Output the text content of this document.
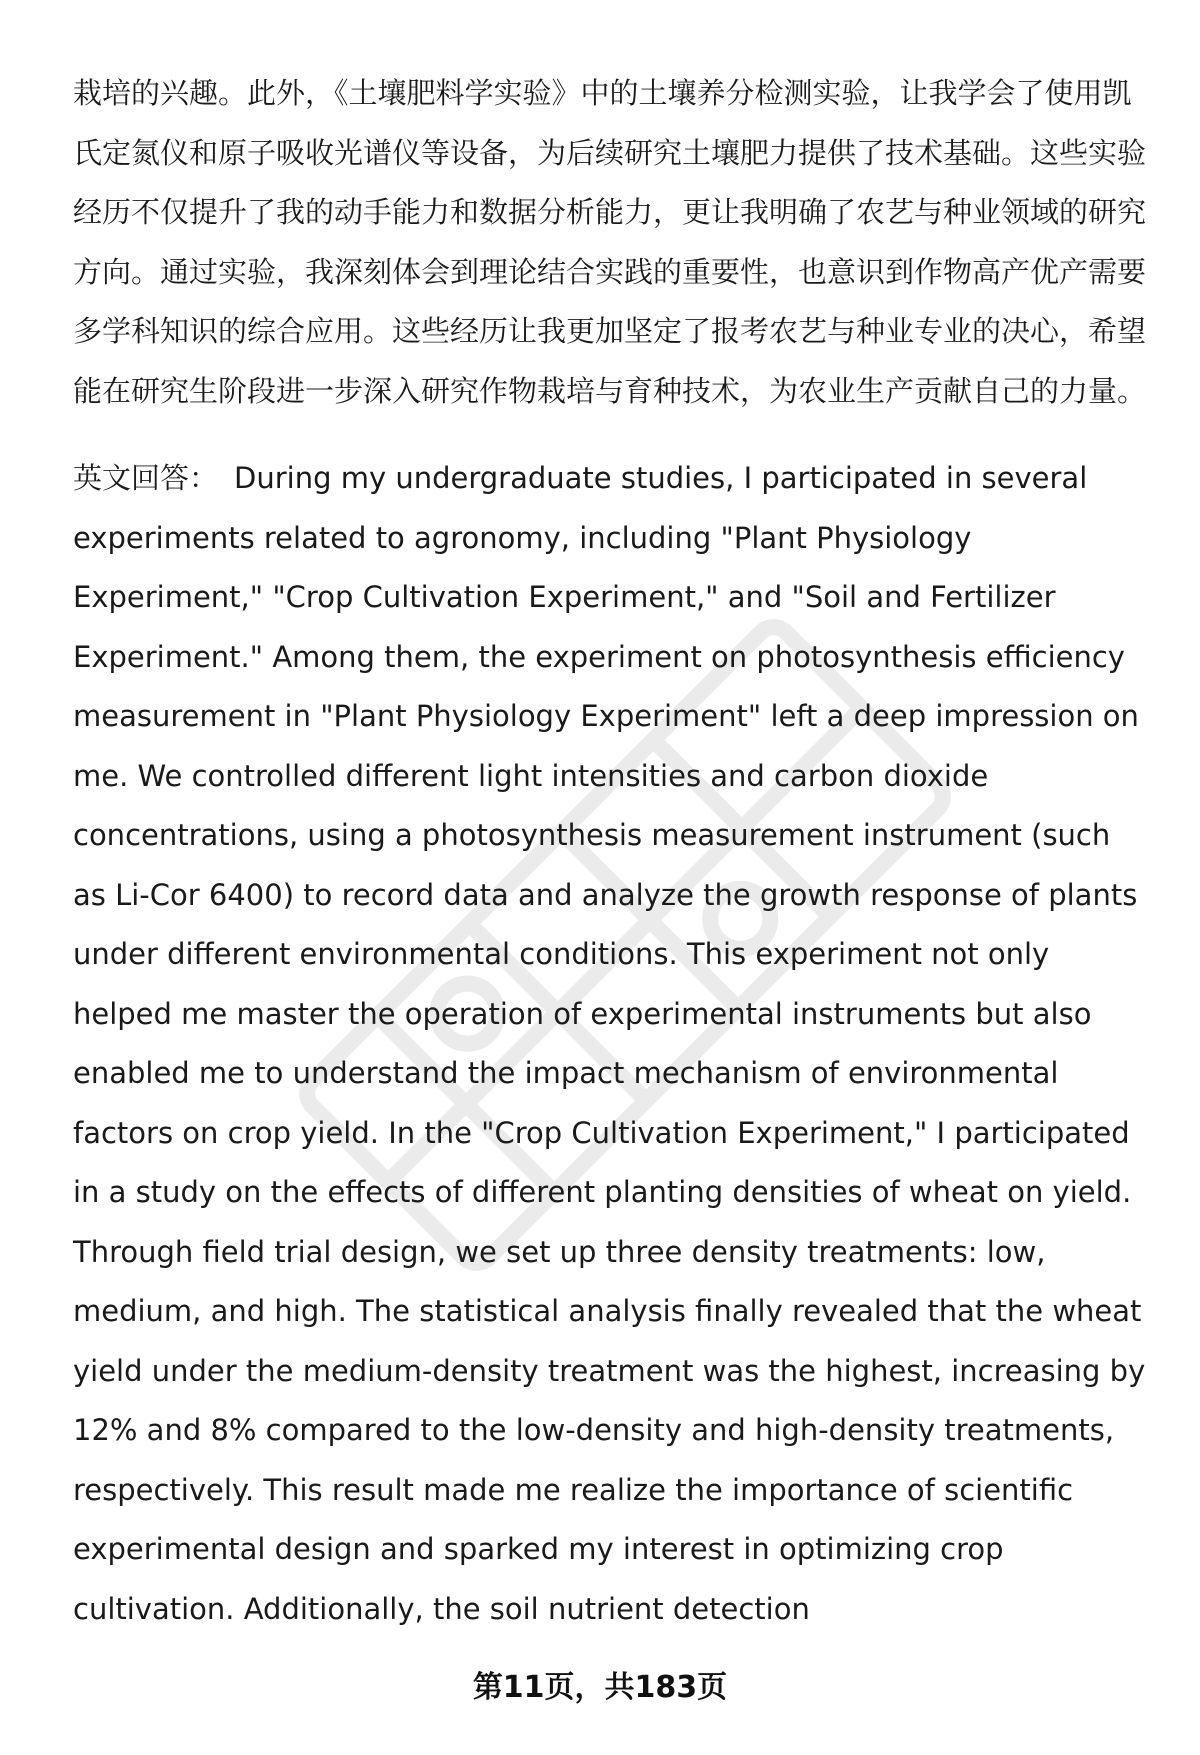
栽培的兴趣。此外，《土壤肥料学实验》中的土壤养分检测实验，让我学会了使用凯氏定氮仪和原子吸收光谱仪等设备，为后续研究土壤肥力提供了技术基础。这些实验经历不仅提升了我的动手能力和数据分析能力，更让我明确了农艺与种业领域的研究方向。通过实验，我深刻体会到理论结合实践的重要性，也意识到作物高产优产需要多学科知识的综合应用。这些经历让我更加坚定了报考农艺与种业专业的决心，希望能在研究生阶段进一步深入研究作物栽培与育种技术，为农业生产贡献自己的力量。

英文回答： During my undergraduate studies, I participated in several experiments related to agronomy, including "Plant Physiology Experiment," "Crop Cultivation Experiment," and "Soil and Fertilizer Experiment." Among them, the experiment on photosynthesis efficiency measurement in "Plant Physiology Experiment" left a deep impression on me. We controlled different light intensities and carbon dioxide concentrations, using a photosynthesis measurement instrument (such as Li-Cor 6400) to record data and analyze the growth response of plants under different environmental conditions. This experiment not only helped me master the operation of experimental instruments but also enabled me to understand the impact mechanism of environmental factors on crop yield. In the "Crop Cultivation Experiment," I participated in a study on the effects of different planting densities of wheat on yield. Through field trial design, we set up three density treatments: low, medium, and high. The statistical analysis finally revealed that the wheat yield under the medium-density treatment was the highest, increasing by 12% and 8% compared to the low-density and high-density treatments, respectively. This result made me realize the importance of scientific experimental design and sparked my interest in optimizing crop cultivation. Additionally, the soil nutrient detection

第11页，共183页
